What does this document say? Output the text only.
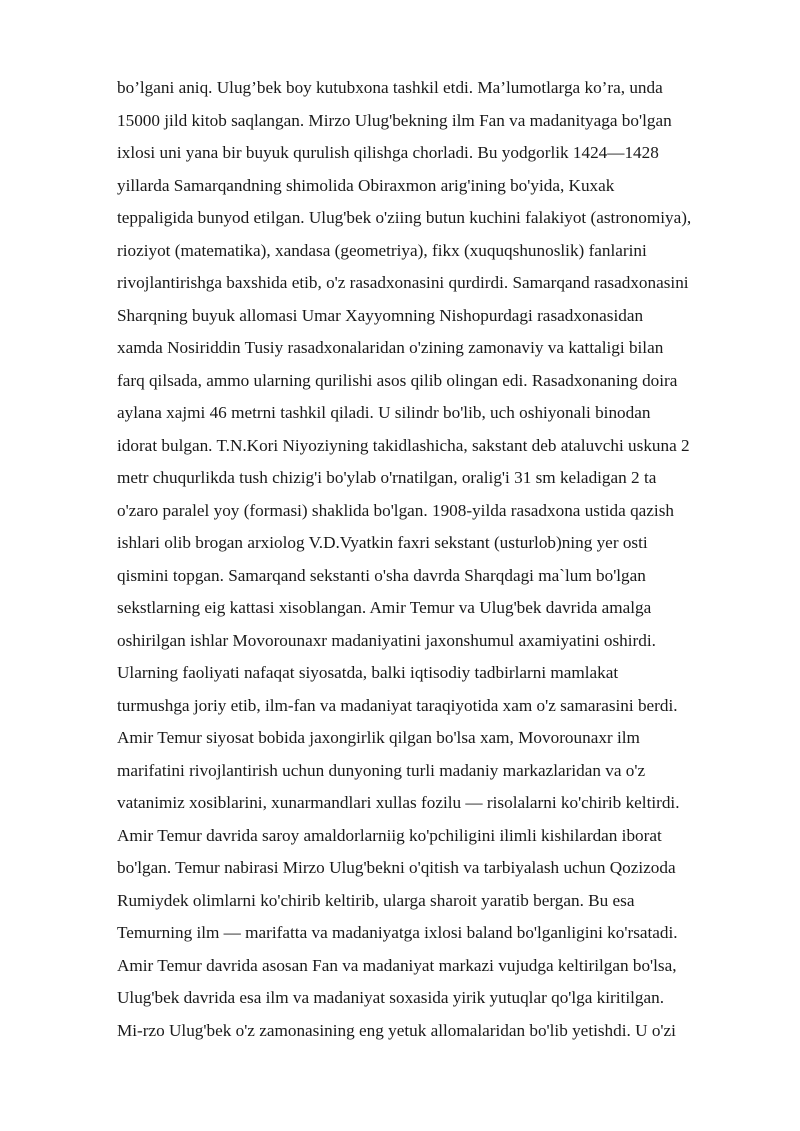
bo’lgani aniq. Ulug’bek boy kutubxona tashkil etdi. Ma’lumotlarga ko’ra, unda
15000 jild kitob saqlangan. Mirzo Ulug'bekning ilm Fan va madanityaga bo'lgan
ixlosi uni yana bir buyuk qurulish qilishga chorladi. Bu yodgorlik 1424—1428
yillarda Samarqandning shimolida Obiraxmon arig'ining bo'yida, Kuxak
teppaligida bunyod etilgan. Ulug'bek o'ziing butun kuchini falakiyot (astronomiya),
rioziyot (matematika), xandasa (geometriya), fikx (xuquqshunoslik) fanlarini
rivojlantirishga baxshida etib, o'z rasadxonasini qurdirdi. Samarqand rasadxonasini
Sharqning buyuk allomasi Umar Xayyomning Nishopurdagi rasadxonasidan
xamda Nosiriddin Tusiy rasadxonalaridan o'zining zamonaviy va kattaligi bilan
farq qilsada, ammo ularning qurilishi asos qilib olingan edi. Rasadxonaning doira
aylana xajmi 46 metrni tashkil qiladi. U silindr bo'lib, uch oshiyonali binodan
idorat bulgan. T.N.Kori Niyoziyning takidlashicha, sakstant deb ataluvchi uskuna 2
metr chuqurlikda tush chizig'i bo'ylab o'rnatilgan, oralig'i 31 sm keladigan 2 ta
o'zaro paralel yoy (formasi) shaklida bo'lgan. 1908-yilda rasadxona ustida qazish
ishlari olib brogan arxiolog V.D.Vyatkin faxri sekstant (usturlob)ning yer osti
qismini topgan. Samarqand sekstanti o'sha davrda Sharqdagi ma`lum bo'lgan
sekstlarning eig kattasi xisoblangan. Amir Temur va Ulug'bek davrida amalga
oshirilgan ishlar Movorounaxr madaniyatini jaxonshumul axamiyatini oshirdi.
Ularning faoliyati nafaqat siyosatda, balki iqtisodiy tadbirlarni mamlakat
turmushga joriy etib, ilm-fan va madaniyat taraqiyotida xam o'z samarasini berdi.
Amir Temur siyosat bobida jaxongirlik qilgan bo'lsa xam, Movorounaxr ilm
marifatini rivojlantirish uchun dunyoning turli madaniy markazlaridan va o'z
vatanimiz xosiblarini, xunarmandlari xullas fozilu — risolalarni ko'chirib keltirdi.
Amir Temur davrida saroy amaldorlarniig ko'pchiligini ilimli kishilardan iborat
bo'lgan. Temur nabirasi Mirzo Ulug'bekni o'qitish va tarbiyalash uchun Qozizoda
Rumiydek olimlarni ko'chirib keltirib, ularga sharoit yaratib bergan. Bu esa
Temurning ilm — marifatta va madaniyatga ixlosi baland bo'lganligini ko'rsatadi.
Amir Temur davrida asosan Fan va madaniyat markazi vujudga keltirilgan bo'lsa,
Ulug'bek davrida esa ilm va madaniyat soxasida yirik yutuqlar qo'lga kiritilgan.
Mi-rzo Ulug'bek o'z zamonasining eng yetuk allomalaridan bo'lib yetishdi. U o'zi
